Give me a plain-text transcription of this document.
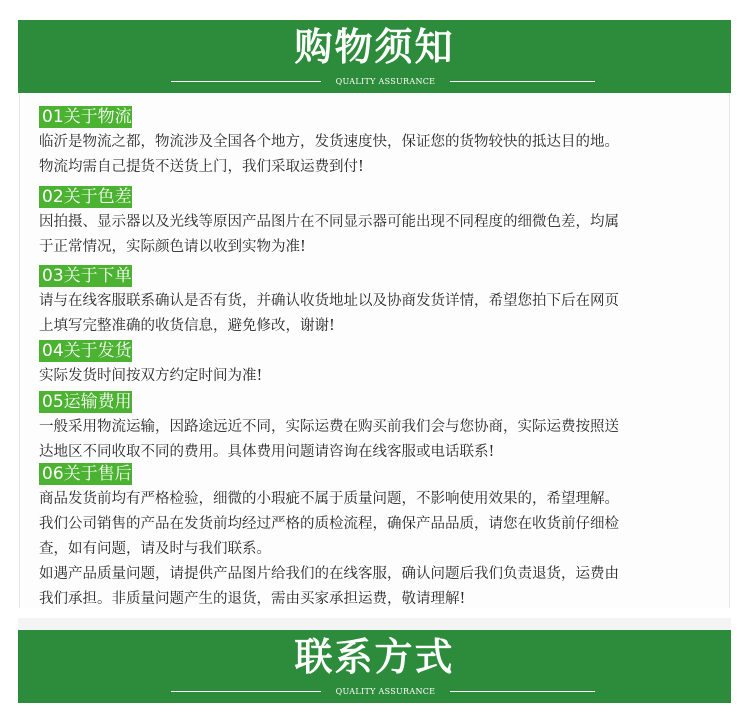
购物须知
QUALITY ASSURANCE
01关于物流
临沂是物流之都，物流涉及全国各个地方，发货速度快，保证您的货物较快的抵达目的地。
物流均需自己提货不送货上门，我们采取运费到付!
02关于色差
因拍摄、显示器以及光线等原因产品图片在不同显示器可能出现不同程度的细微色差，均属
于正常情况，实际颜色请以收到实物为准!
03关于下单
请与在线客服联系确认是否有货，并确认收货地址以及协商发货详情，希望您拍下后在网页
上填写完整准确的收货信息，避免修改，谢谢!
04关于发货
实际发货时间按双方约定时间为准!
05运输费用
一般采用物流运输，因路途远近不同，实际运费在购买前我们会与您协商，实际运费按照送
达地区不同收取不同的费用。具体费用问题请咨询在线客服或电话联系!
06关于售后
商品发货前均有严格检验，细微的小瑕疵不属于质量问题，不影响使用效果的，希望理解。
我们公司销售的产品在发货前均经过严格的质检流程，确保产品品质，请您在收货前仔细检
查，如有问题，请及时与我们联系。
如遇产品质量问题，请提供产品图片给我们的在线客服，确认问题后我们负责退货，运费由
我们承担。非质量问题产生的退货，需由买家承担运费，敬请理解!
联系方式
QUALITY ASSURANCE
